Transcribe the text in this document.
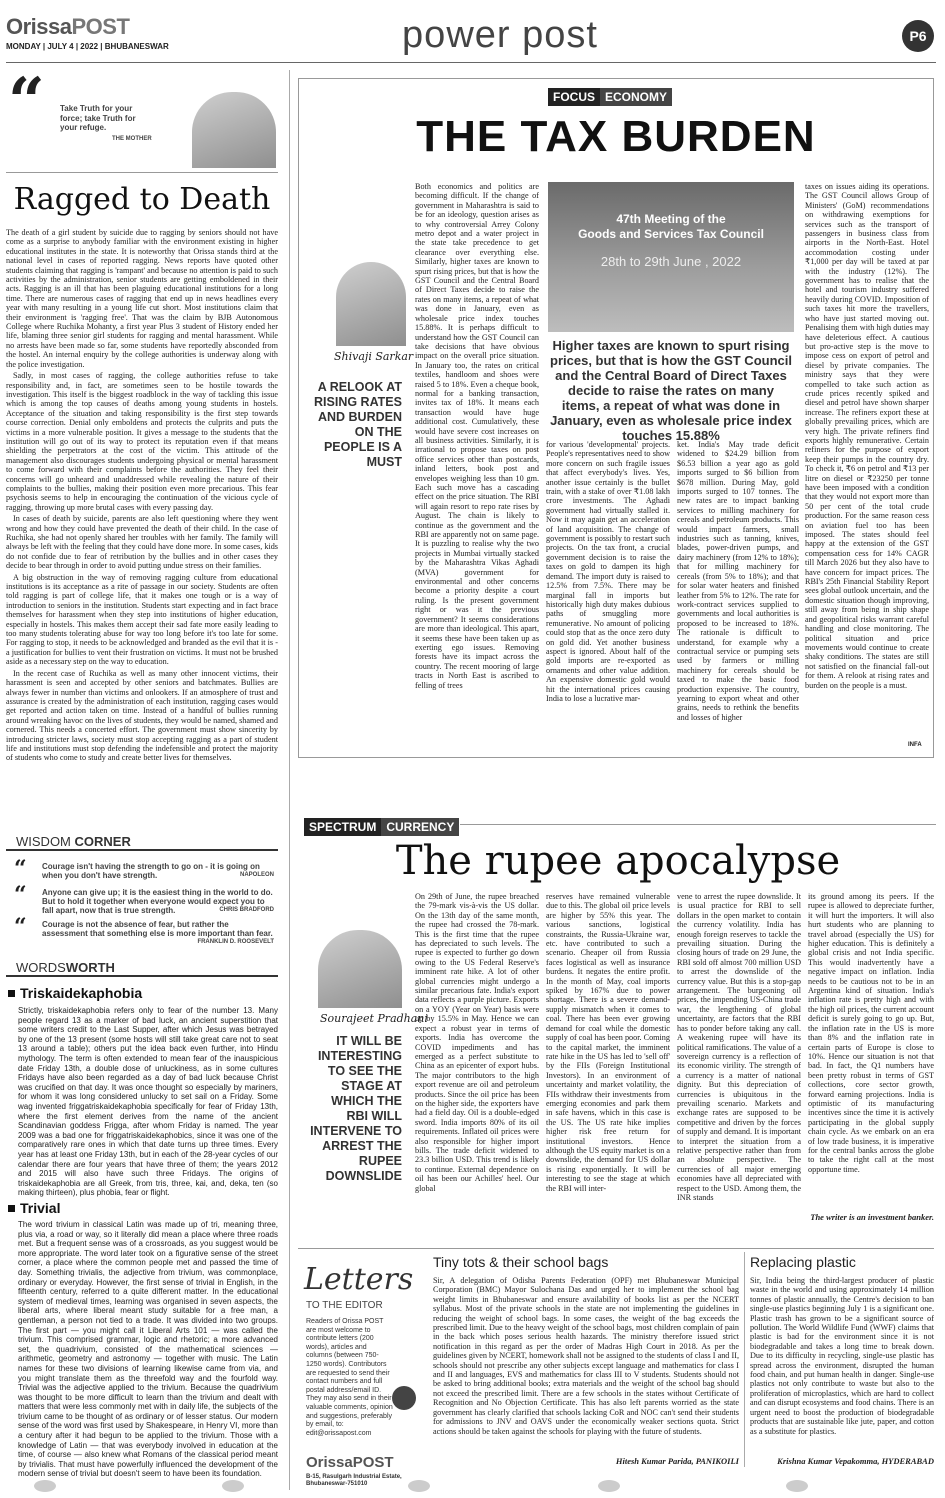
OrissaPOST
MONDAY | JULY 4 | 2022 | BHUBANESWAR	power post	P6
“ Take Truth for your force; take Truth for your refuge.
THE MOTHER
Ragged to Death

The death of a girl student by suicide due to ragging by seniors should not have come as a surprise to anybody familiar with the environment existing in higher educational institutes in the state. It is noteworthy that Orissa stands third at the national level in cases of reported ragging. News reports have quoted other students claiming that ragging is 'rampant' and because no attention is paid to such activities by the administration, senior students are getting emboldened in their acts. Ragging is an ill that has been plaguing educational institutions for a long time. There are numerous cases of ragging that end up in news headlines every year with many resulting in a young life cut short. Most institutions claim that their environment is 'ragging free'. That was the claim by BJB Autonomous College where Ruchika Mohanty, a first year Plus 3 student of History ended her life, blaming three senior girl students for ragging and mental harassment. While no arrests have been made so far, some students have reportedly absconded from the hostel. An internal enquiry by the college authorities is underway along with the police investigation.

Sadly, in most cases of ragging, the college authorities refuse to take responsibility and, in fact, are sometimes seen to be hostile towards the investigation. This itself is the biggest roadblock in the way of tackling this issue which is among the top causes of deaths among young students in hostels. Acceptance of the situation and taking responsibility is the first step towards course correction. Denial only emboldens and protects the culprits and puts the victims in a more vulnerable position. It gives a message to the students that the institution will go out of its way to protect its reputation even if that means shielding the perpetrators at the cost of the victim. This attitude of the management also discourages students undergoing physical or mental harassment to come forward with their complaints before the authorities. They feel their concerns will go unheard and unaddressed while revealing the nature of their complaints to the bullies, making their position even more precarious. This fear psychosis seems to help in encouraging the continuation of the vicious cycle of ragging, throwing up more brutal cases with every passing day.

In cases of death by suicide, parents are also left questioning where they went wrong and how they could have prevented the death of their child. In the case of Ruchika, she had not openly shared her troubles with her family. The family will always be left with the feeling that they could have done more. In some cases, kids do not confide due to fear of retribution by the bullies and in other cases they decide to bear through in order to avoid putting undue stress on their families.

A big obstruction in the way of removing ragging culture from educational institutions is its acceptance as a rite of passage in our society. Students are often told ragging is part of college life, that it makes one tough or is a way of introduction to seniors in the institution. Students start expecting and in fact brace themselves for harassment when they step into institutions of higher education, especially in hostels. This makes them accept their sad fate more easily leading to too many students tolerating abuse for way too long before it's too late for some. For ragging to stop, it needs to be acknowledged and branded as the evil that it is - a justification for bullies to vent their frustration on victims. It must not be brushed aside as a necessary step on the way to education.

In the recent case of Ruchika as well as many other innocent victims, their harassment is seen and accepted by other seniors and batchmates. Bullies are always fewer in number than victims and onlookers. If an atmosphere of trust and assurance is created by the administration of each institution, ragging cases would get reported and action taken on time. Instead of a handful of bullies running around wreaking havoc on the lives of students, they would be named, shamed and cornered. This needs a concerted effort. The government must show sincerity by introducing stricter laws, society must stop accepting ragging as a part of student life and institutions must stop defending the indefensible and protect the majority of students who come to study and create better lives for themselves.

WISDOM CORNER
“ Courage isn't having the strength to go on - it is going on when you don't have strength.	NAPOLEON
“ Anyone can give up; it is the easiest thing in the world to do. But to hold it together when everyone would expect you to fall apart, now that is true strength.	CHRIS BRADFORD
“ Courage is not the absence of fear, but rather the assessment that something else is more important than fear.
FRANKLIN D. ROOSEVELT
WORDSWORTH
Triskaidekaphobia
Strictly, triskaidekaphobia refers only to fear of the number 13. Many people regard 13 as a marker of bad luck, an ancient superstition that some writers credit to the Last Supper, after which Jesus was betrayed by one of the 13 present (some hosts will still take great care not to seat 13 around a table); others put the idea back even further, into Hindu mythology. The term is often extended to mean fear of the inauspicious date Friday 13th, a double dose of unluckiness, as in some cultures Fridays have also been regarded as a day of bad luck because Christ was crucified on that day. It was once thought so especially by mariners, for whom it was long considered unlucky to set sail on a Friday. Some wag invented friggatriskaidekaphobia specifically for fear of Friday 13th, where the first element derives from the name of the ancient Scandinavian goddess Frigga, after whom Friday is named. The year 2009 was a bad one for friggatriskaidekaphobics, since it was one of the comparatively rare ones in which that date turns up three times. Every year has at least one Friday 13th, but in each of the 28-year cycles of our calendar there are four years that have three of them; the years 2012 and 2015 will also have such three Fridays. The origins of triskaidekaphobia are all Greek, from tris, three, kai, and, deka, ten (so making thirteen), plus phobia, fear or flight.
Trivial
The word trivium in classical Latin was made up of tri, meaning three, plus via, a road or way, so it literally did mean a place where three roads met. But a frequent sense was of a crossroads, as you suggest would be more appropriate. The word later took on a figurative sense of the street corner, a place where the common people met and passed the time of day. Something trivialis, the adjective from trivium, was commonplace, ordinary or everyday. However, the first sense of trivial in English, in the fifteenth century, referred to a quite different matter. In the educational system of medieval times, learning was organised in seven aspects, the liberal arts, where liberal meant study suitable for a free man, a gentleman, a person not tied to a trade. It was divided into two groups. The first part — you might call it Liberal Arts 101 — was called the trivium. This comprised grammar, logic and rhetoric; a more advanced set, the quadrivium, consisted of the mathematical sciences — arithmetic, geometry and astronomy — together with music. The Latin names for these two divisions of learning likewise came from via, and you might translate them as the threefold way and the fourfold way. Trivial was the adjective applied to the trivium. Because the quadrivium was thought to be more difficult to learn than the trivium and dealt with matters that were less commonly met with in daily life, the subjects of the trivium came to be thought of as ordinary or of lesser status. Our modern sense of the word was first used by Shakespeare, in Henry VI, more than a century after it had begun to be applied to the trivium. Those with a knowledge of Latin — that was everybody involved in education at the time, of course — also knew what Romans of the classical period meant by trivialis. That must have powerfully influenced the development of the modern sense of trivial but doesn't seem to have been its foundation.
FOCUS ECONOMY
THE TAX BURDEN
Shivaji Sarkar
A RELOOK AT RISING RATES AND BURDEN ON THE PEOPLE IS A MUST
Both economics and politics are becoming difficult. If the change of government in Maharashtra is said to be for an ideology, question arises as to why controversial Arrey Colony metro depot and a water project in the state take precedence to get clearance over everything else. Similarly, higher taxes are known to spurt rising prices, but that is how the GST Council and the Central Board of Direct Taxes decide to raise the rates on many items, a repeat of what was done in January, even as wholesale price index touches 15.88%. It is perhaps difficult to understand how the GST Council can take decisions that have obvious impact on the overall price situation. In January too, the rates on critical textiles, handloom and shoes were raised 5 to 18%. Even a cheque book, normal for a banking transaction, invites tax of 18%. It means each transaction would have huge additional cost. Cumulatively, these would have severe cost increases on all business activities. Similarly, it is irrational to propose taxes on post office services other than postcards, inland letters, book post and envelopes weighing less than 10 gm. Each such move has a cascading effect on the price situation. The RBI will again resort to repo rate rises by August. The chain is likely to continue as the government and the RBI are apparently not on same page. It is puzzling to realise why the two projects in Mumbai virtually stacked by the Maharashtra Vikas Aghadi (MVA) government for environmental and other concerns become a priority despite a court ruling. Is the present government right or was it the previous government? It seems considerations are more than ideological. This apart, it seems these have been taken up as exerting ego issues. Removing forests have its impact across the country. The recent mooring of large tracts in North East is ascribed to felling of trees
47th Meeting of the
Goods and Services Tax Council
28th to 29th June , 2022
Higher taxes are known to spurt rising prices, but that is how the GST Council and the Central Board of Direct Taxes decide to raise the rates on many items, a repeat of what was done in January, even as wholesale price index touches 15.88%
for various 'developmental' projects. People's representatives need to show more concern on such fragile issues that affect everybody's lives. Yes, another issue certainly is the bullet train, with a stake of over ₹1.08 lakh crore investments. The Aghadi government had virtually stalled it. Now it may again get an acceleration of land acquisition. The change of government is possibly to restart such projects. On the tax front, a crucial government decision is to raise the taxes on gold to dampen its high demand. The import duty is raised to 12.5% from 7.5%. There may be marginal fall in imports but historically high duty makes dubious paths of smuggling more remunerative. No amount of policing could stop that as the once zero duty on gold did. Yet another business aspect is ignored. About half of the gold imports are re-exported as ornaments and other value addition. An expensive domestic gold would hit the international prices causing India to lose a lucrative mar-
ket. India's May trade deficit widened to $24.29 billion from $6.53 billion a year ago as gold imports surged to $6 billion from $678 million. During May, gold imports surged to 107 tonnes. The new rates are to impact banking services to milling machinery for cereals and petroleum products. This would impact farmers, small industries such as tanning, knives, blades, power-driven pumps, and dairy machinery (from 12% to 18%); that for milling machinery for cereals (from 5% to 18%); and that for solar water heaters and finished leather from 5% to 12%. The rate for work-contract services supplied to governments and local authorities is proposed to be increased to 18%. The rationale is difficult to understand, for example why a contractual service or pumping sets used by farmers or milling machinery for cereals should be taxed to make the basic food production expensive. The country, yearning to export wheat and other grains, needs to rethink the benefits and losses of higher
taxes on issues aiding its operations. The GST Council allows Group of Ministers' (GoM) recommendations on withdrawing exemptions for services such as the transport of passengers in business class from airports in the North-East. Hotel accommodation costing under ₹1,000 per day will be taxed at par with the industry (12%). The government has to realise that the hotel and tourism industry suffered heavily during COVID. Imposition of such taxes hit more the travellers, who have just started moving out. Penalising them with high duties may have deleterious effect. A cautious but pro-active step is the move to impose cess on export of petrol and diesel by private companies. The ministry says that they were compelled to take such action as crude prices recently spiked and diesel and petrol have shown sharper increase. The refiners export these at globally prevailing prices, which are very high. The private refiners find exports highly remunerative. Certain refiners for the purpose of export keep their pumps in the country dry. To check it, ₹6 on petrol and ₹13 per litre on diesel or ₹23250 per tonne have been imposed with a condition that they would not export more than 50 per cent of the total crude production. For the same reason cess on aviation fuel too has been imposed. The states should feel happy at the extension of the GST compensation cess for 14% CAGR till March 2026 but they also have to have concern for impact prices. The RBI's 25th Financial Stability Report sees global outlook uncertain, and the domestic situation though improving, still away from being in ship shape and geopolitical risks warrant careful handling and close monitoring. The political situation and price movements would continue to create shaky conditions. The states are still not satisfied on the financial fall-out for them. A relook at rising rates and burden on the people is a must.
INFA
SPECTRUM CURRENCY
The rupee apocalypse
Sourajeet Pradhani
IT WILL BE INTERESTING TO SEE THE STAGE AT WHICH THE RBI WILL INTERVENE TO ARREST THE RUPEE DOWNSLIDE
On 29th of June, the rupee breached the 79-mark vis-à-vis the US dollar. On the 13th day of the same month, the rupee had crossed the 78-mark. This is the first time that the rupee has depreciated to such levels. The rupee is expected to further go down owing to the US Federal Reserve's imminent rate hike. A lot of other global currencies might undergo a similar precarious fate. India's export data reflects a purple picture. Exports on a YOY (Year on Year) basis were up by 15.5% in May. Hence we can expect a robust year in terms of exports. India has overcome the COVID impediments and has emerged as a perfect substitute to China as an epicenter of export hubs. The major contributors to the high export revenue are oil and petroleum products. Since the oil price has been on the higher side, the exporters have had a field day. Oil is a double-edged sword. India imports 80% of its oil requirements. Inflated oil prices were also responsible for higher import bills. The trade deficit widened to 23.3 billion USD. This trend is likely to continue. External dependence on oil has been our Achilles' heel. Our global
reserves have remained vulnerable due to this. The global oil price levels are higher by 55% this year. The various sanctions, logistical constraints, the Russia-Ukraine war, etc. have contributed to such a scenario. Cheaper oil from Russia faces logistical as well as insurance burdens. It negates the entire profit. In the month of May, coal imports spiked by 167% due to power shortage. There is a severe demand-supply mismatch when it comes to coal. There has been ever growing demand for coal while the domestic supply of coal has been poor. Coming to the capital market, the imminent rate hike in the US has led to 'sell off' by the FIIs (Foreign Institutional Investors). In an environment of uncertainty and market volatility, the FIIs withdraw their investments from emerging economies and park them in safe havens, which in this case is the US. The US rate hike implies higher risk free return for institutional investors. Hence although the US equity market is on a downslide, the demand for US dollar is rising exponentially. It will be interesting to see the stage at which the RBI will inter-
vene to arrest the rupee downslide. It is usual practice for RBI to sell dollars in the open market to contain the currency volatility. India has enough foreign reserves to tackle the prevailing situation. During the closing hours of trade on 29 June, the RBI sold off almost 700 million USD to arrest the downslide of the currency value. But this is a stop-gap arrangement. The burgeoning oil prices, the impending US-China trade war, the lengthening of global uncertainty, are factors that the RBI has to ponder before taking any call. A weakening rupee will have its political ramifications. The value of a sovereign currency is a reflection of its economic virility. The strength of a currency is a matter of national dignity. But this depreciation of currencies is ubiquitous in the prevailing scenario. Markets and exchange rates are supposed to be competitive and driven by the forces of supply and demand. It is important to interpret the situation from a relative perspective rather than from an absolute perspective. The currencies of all major emerging economies have all depreciated with respect to the USD. Among them, the INR stands
its ground among its peers. If the rupee is allowed to depreciate further, it will hurt the importers. It will also hurt students who are planning to travel abroad (especially the US) for higher education. This is definitely a global crisis and not India specific. This would inadvertently have a negative impact on inflation. India needs to be cautious not to be in an Argentina kind of situation. India's inflation rate is pretty high and with the high oil prices, the current account deficit is surely going to go up. But, the inflation rate in the US is more than 8% and the inflation rate in certain parts of Europe is close to 10%. Hence our situation is not that bad. In fact, the Q1 numbers have been pretty robust in terms of GST collections, core sector growth, forward earning projections. India is optimistic of its manufacturing incentives since the time it is actively participating in the global supply chain cycle. As we embark on an era of low trade business, it is imperative for the central banks across the globe to take the right call at the most opportune time.
The writer is an investment banker.
Letters
TO THE EDITOR
Readers of Orissa POST are most welcome to contribute letters (200 words), articles and columns (between 750-1250 words). Contributors are requested to send their contact numbers and full postal address/email ID. They may also send in their valuable comments, opinion and suggestions, preferably by email, to: edit@orissapost.com
OrissaPOST
B-15, Rasulgarh Industrial Estate, Bhubaneswar-751010
Tiny tots & their school bags
Sir, A delegation of Odisha Parents Federation (OPF) met Bhubaneswar Municipal Corporation (BMC) Mayor Sulochana Das and urged her to implement the school bag weight limits in Bhubaneswar and ensure availability of books list as per the NCERT syllabus. Most of the private schools in the state are not implementing the guidelines in reducing the weight of school bags. In some cases, the weight of the bag exceeds the prescribed limit. Due to the heavy weight of the school bags, most children complain of pain in the back which poses serious health hazards. The ministry therefore issued strict notification in this regard as per the order of Madras High Court in 2018. As per the guidelines given by NCERT, homework shall not be assigned to the students of class I and II, schools should not prescribe any other subjects except language and mathematics for class I and II and languages, EVS and mathematics for class III to V students. Students should not be asked to bring additional books; extra materials and the weight of the school bag should not exceed the prescribed limit. There are a few schools in the states without Certificate of Recognition and No Objection Certificate. This has also left parents worried as the state government has clearly clarified that schools lacking CoR and NOC can't send their students for admissions to JNV and OAVS under the economically weaker sections quota. Strict actions should be taken against the schools for playing with the future of students.
Hitesh Kumar Parida, PANIKOILI
Replacing plastic
Sir, India being the third-largest producer of plastic waste in the world and using approximately 14 million tonnes of plastic annually, the Centre's decision to ban single-use plastics beginning July 1 is a significant one. Plastic trash has grown to be a significant source of pollution. The World Wildlife Fund (WWF) claims that plastic is bad for the environment since it is not biodegradable and takes a long time to break down. Due to its difficulty in recycling, single-use plastic has spread across the environment, disrupted the human food chain, and put human health in danger. Single-use plastics not only contribute to waste but also to the proliferation of microplastics, which are hard to collect and can disrupt ecosystems and food chains. There is an urgent need to boost the production of biodegradable products that are sustainable like jute, paper, and cotton as a substitute for plastics.
Krishna Kumar Vepakomma, HYDERABAD
